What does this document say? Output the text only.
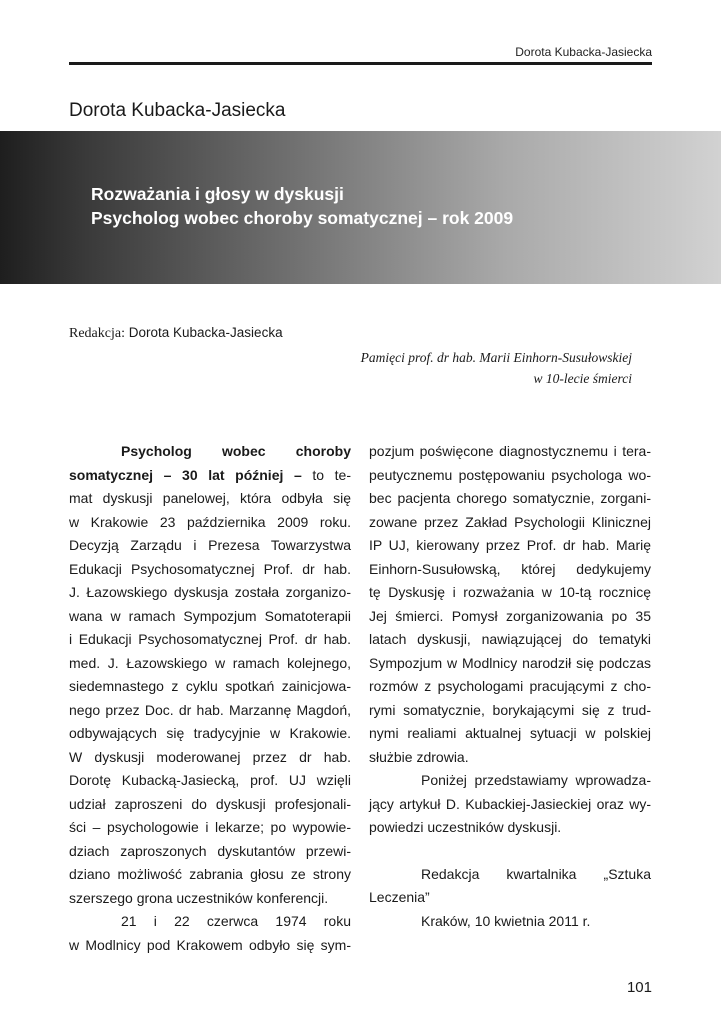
Dorota Kubacka-Jasiecka
Dorota Kubacka-Jasiecka
Rozważania i głosy w dyskusji
Psycholog wobec choroby somatycznej – rok 2009
Redakcja: Dorota Kubacka-Jasiecka
Pamięci prof. dr hab. Marii Einhorn-Susułowskiej
w 10-lecie śmierci
Psycholog wobec choroby
somatycznej – 30 lat później – to te-
mat dyskusji panelowej, która odbyła się
w Krakowie 23 października 2009 roku.
Decyzją Zarządu i Prezesa Towarzystwa
Edukacji Psychosomatycznej Prof. dr hab.
J. Łazowskiego dyskusja została zorganizo-
wana w ramach Sympozjum Somatoterapii
i Edukacji Psychosomatycznej Prof. dr hab.
med. J. Łazowskiego w ramach kolejnego,
siedemnastego z cyklu spotkań zainicjowa-
nego przez Doc. dr hab. Marzannę Magdoń,
odbywających się tradycyjnie w Krakowie.
W dyskusji moderowanej przez dr hab.
Dorotę Kubacką-Jasiecką, prof. UJ wzięli
udział zaproszeni do dyskusji profesjonali-
ści – psychologowie i lekarze; po wypowie-
dziach zaproszonych dyskutantów przewi-
dziano możliwość zabrania głosu ze strony
szerszego grona uczestników konferencji.
21 i 22 czerwca 1974 roku
w Modlnicy pod Krakowem odbyło się sym-
pozjum poświęcone diagnostycznemu i tera-
peutycznemu postępowaniu psychologa wo-
bec pacjenta chorego somatycznie, zorgani-
zowane przez Zakład Psychologii Klinicznej
IP UJ, kierowany przez Prof. dr hab. Marię
Einhorn-Susułowską, której dedykujemy
tę Dyskusję i rozważania w 10-tą rocznicę
Jej śmierci. Pomysł zorganizowania po 35
latach dyskusji, nawiązującej do tematyki
Sympozjum w Modlnicy narodził się podczas
rozmów z psychologami pracującymi z cho-
rymi somatycznie, borykającymi się z trud-
nymi realiami aktualnej sytuacji w polskiej
służbie zdrowia.
Poniżej przedstawiamy wprowadza-
jący artykuł D. Kubackiej-Jasieckiej oraz wy-
powiedzi uczestników dyskusji.
Redakcja kwartalnika „Sztuka
Leczenia”
Kraków, 10 kwietnia 2011 r.
101
